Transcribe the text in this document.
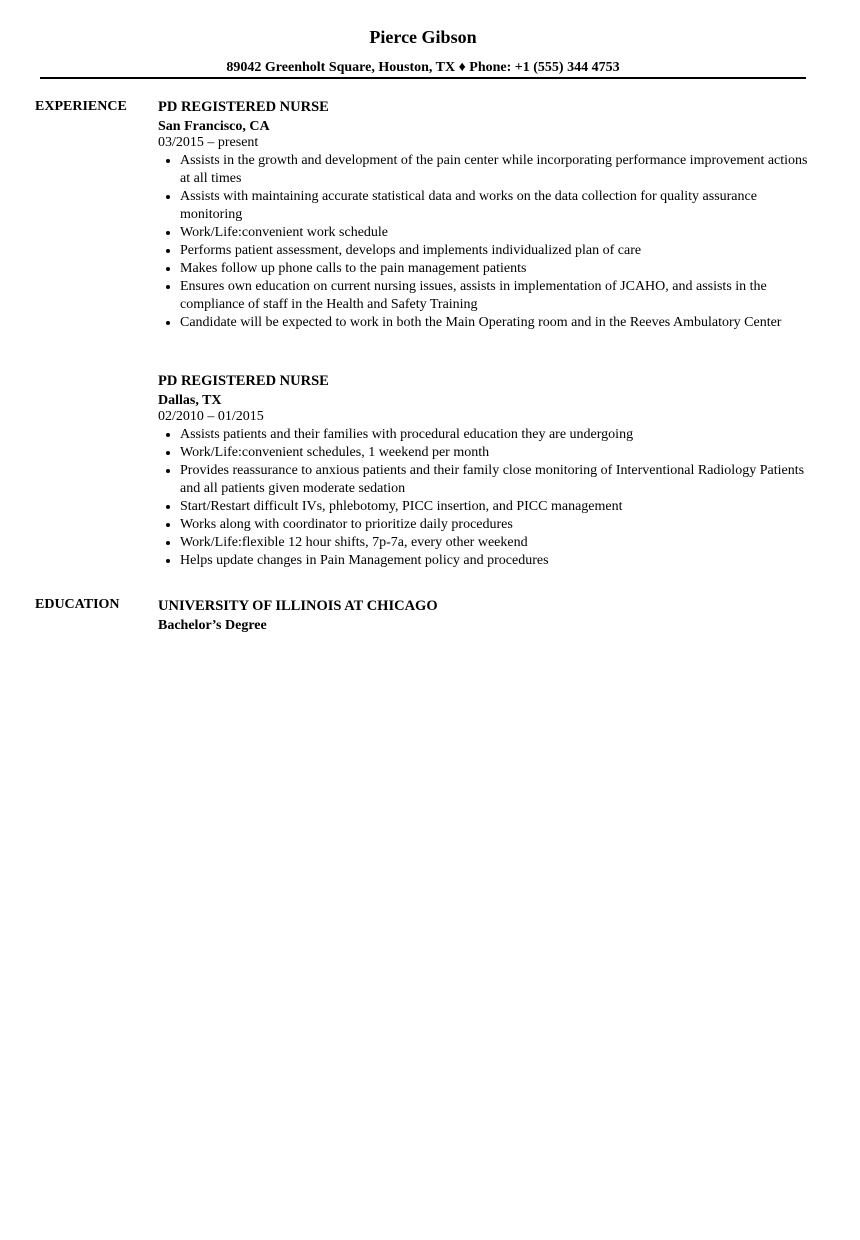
Pierce Gibson
89042 Greenholt Square, Houston, TX ♦ Phone: +1 (555) 344 4753
EXPERIENCE PD REGISTERED NURSE
San Francisco, CA
03/2015 – present
Assists in the growth and development of the pain center while incorporating performance improvement actions at all times
Assists with maintaining accurate statistical data and works on the data collection for quality assurance monitoring
Work/Life:convenient work schedule
Performs patient assessment, develops and implements individualized plan of care
Makes follow up phone calls to the pain management patients
Ensures own education on current nursing issues, assists in implementation of JCAHO, and assists in the compliance of staff in the Health and Safety Training
Candidate will be expected to work in both the Main Operating room and in the Reeves Ambulatory Center
PD REGISTERED NURSE
Dallas, TX
02/2010 – 01/2015
Assists patients and their families with procedural education they are undergoing
Work/Life:convenient schedules, 1 weekend per month
Provides reassurance to anxious patients and their family close monitoring of Interventional Radiology Patients and all patients given moderate sedation
Start/Restart difficult IVs, phlebotomy, PICC insertion, and PICC management
Works along with coordinator to prioritize daily procedures
Work/Life:flexible 12 hour shifts, 7p-7a, every other weekend
Helps update changes in Pain Management policy and procedures
EDUCATION	UNIVERSITY OF ILLINOIS AT CHICAGO
Bachelor’s Degree
